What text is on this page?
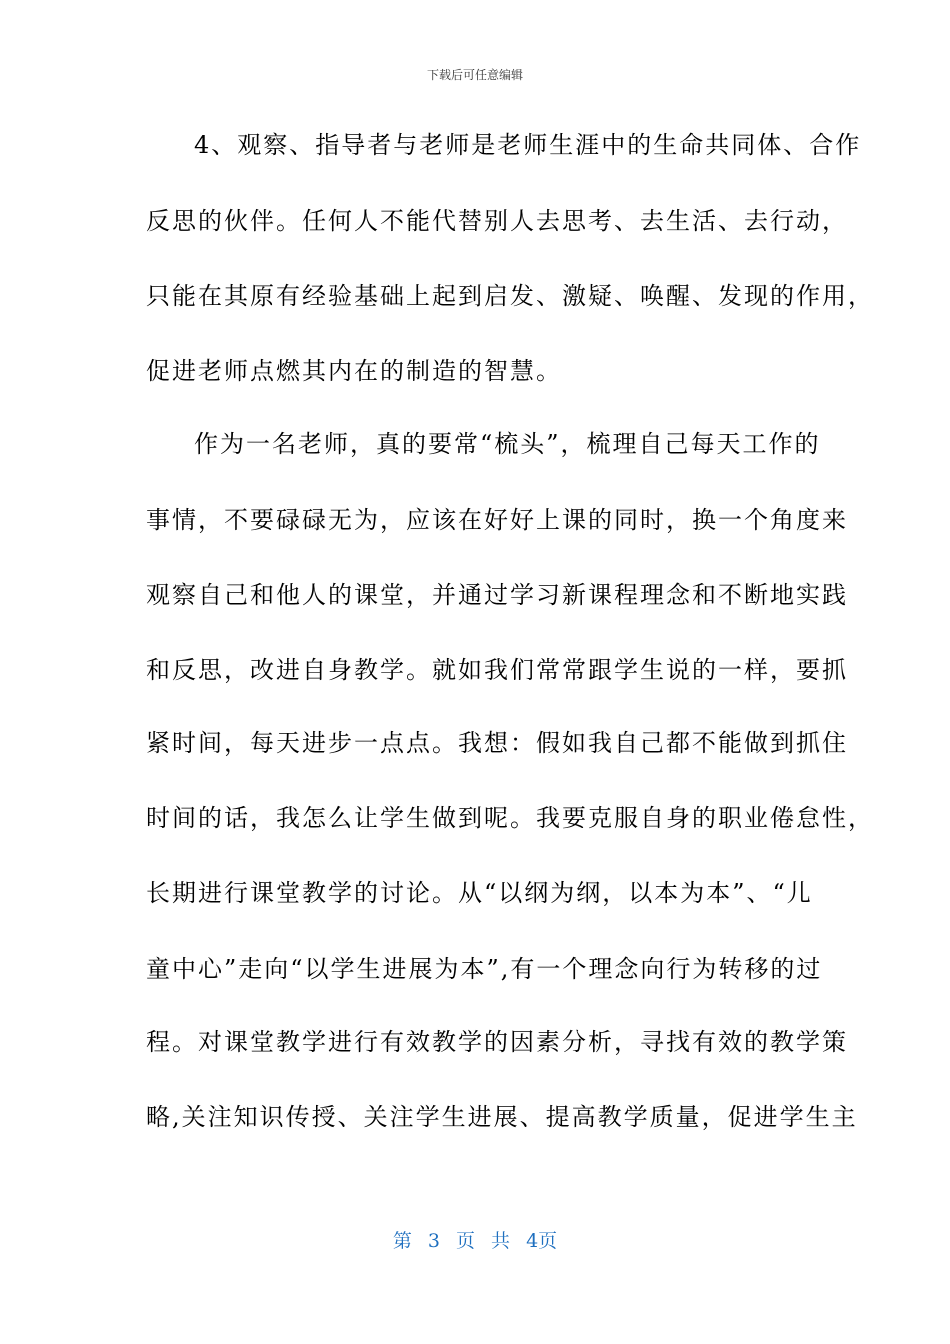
下载后可任意编辑
4、观察、指导者与老师是老师生涯中的生命共同体、合作
反思的伙伴。任何人不能代替别人去思考、去生活、去行动，
只能在其原有经验基础上起到启发、激疑、唤醒、发现的作用，
促进老师点燃其内在的制造的智慧。
作为一名老师，真的要常“梳头”，梳理自己每天工作的
事情，不要碌碌无为，应该在好好上课的同时，换一个角度来
观察自己和他人的课堂，并通过学习新课程理念和不断地实践
和反思，改进自身教学。就如我们常常跟学生说的一样，要抓
紧时间，每天进步一点点。我想：假如我自己都不能做到抓住
时间的话，我怎么让学生做到呢。我要克服自身的职业倦怠性，
长期进行课堂教学的讨论。从“以纲为纲，以本为本”、“儿
童中心”走向“以学生进展为本”,有一个理念向行为转移的过
程。对课堂教学进行有效教学的因素分析，寻找有效的教学策
略,关注知识传授、关注学生进展、提高教学质量，促进学生主
第 3 页 共 4页
